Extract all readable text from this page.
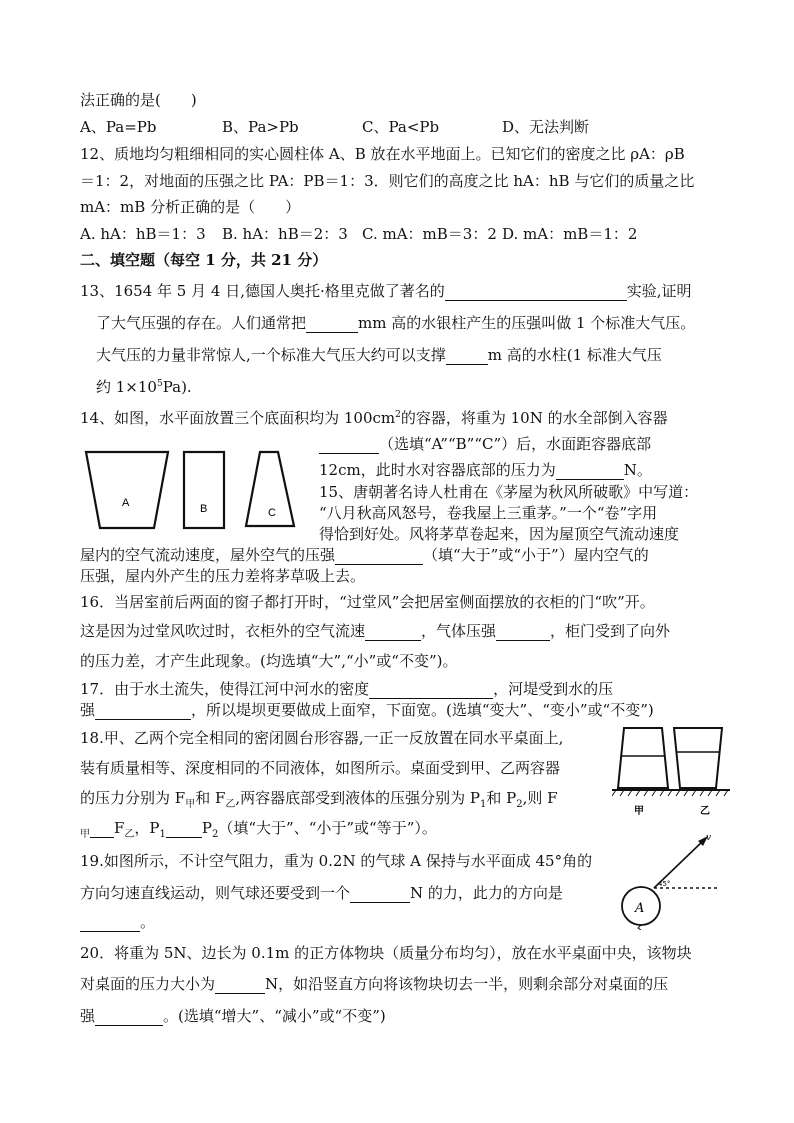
法正确的是(　　)
A、Pa=Pb	B、Pa>Pb	C、Pa<Pb	D、无法判断
12、质地均匀粗细相同的实心圆柱体 A、B 放在水平地面上。已知它们的密度之比 ρA：ρB
＝1：2，对地面的压强之比 PA：PB＝1：3．则它们的高度之比 hA：hB 与它们的质量之比
mA：mB 分析正确的是（　　）
A. hA：hB＝1：3 B. hA：hB＝2：3 C. mA：mB＝3：2 D. mA：mB＝1：2
二、填空题（每空 1 分，共 21 分）
13、1654 年 5 月 4 日,德国人奥托·格里克做了著名的	实验,证明
了大气压强的存在。人们通常把	mm 高的水银柱产生的压强叫做 1 个标准大气压。
大气压的力量非常惊人,一个标准大气压大约可以支撑	m 高的水柱(1 标准大气压
约 $1\times 10^5Pa$).
14、如图，水平面放置三个底面积均为 $100cm^2$的容器，将重为 10N 的水全部倒入容器
（选填“A”“B”“C”）后，水面距容器底部
12cm，此时水对容器底部的压力为	N。
A	B	C
15、唐朝著名诗人杜甫在《茅屋为秋风所破歌》中写道：
“八月秋高风怒号，卷我屋上三重茅。”一个“卷”字用
得恰到好处。风将茅草卷起来，因为屋顶空气流动速度
屋内的空气流动速度，屋外空气的压强	（填“大于”或“小于”）屋内空气的
压强，屋内外产生的压力差将茅草吸上去。
16．当居室前后两面的窗子都打开时，“过堂风”会把居室侧面摆放的衣柜的门“吹”开。
这是因为过堂风吹过时，衣柜外的空气流速	，气体压强	，柜门受到了向外
的压力差，才产生此现象。(均选填“大”,“小”或“不变”)。
17．由于水土流失，使得江河中河水的密度	，河堤受到水的压
强	，所以堤坝更要做成上面窄，下面宽。(选填“变大”、“变小”或“不变”)
18.甲、乙两个完全相同的密闭圆台形容器,一正一反放置在同水平桌面上,
装有质量相等、深度相同的不同液体，如图所示。桌面受到甲、乙两容器
的压力分别为 $F_甲$和 $F_乙$,两容器底部受到液体的压强分别为 $P_1$和 $P_2$,则 F
$_甲$ $F_乙$，$P_1$ $P_2$（填“大于”、“小于”或“等于”）。
甲	乙
19.如图所示，不计空气阻力，重为 0.2N 的气球 A 保持与水平面成 45°角的
方向匀速直线运动，则气球还要受到一个	N 的力，此力的方向是
。
A
v
45°
20．将重为 5N、边长为 0.1m 的正方体物块（质量分布均匀），放在水平桌面中央，该物块
对桌面的压力大小为	N，如沿竖直方向将该物块切去一半，则剩余部分对桌面的压
强	。(选填“增大”、“减小”或“不变”)
